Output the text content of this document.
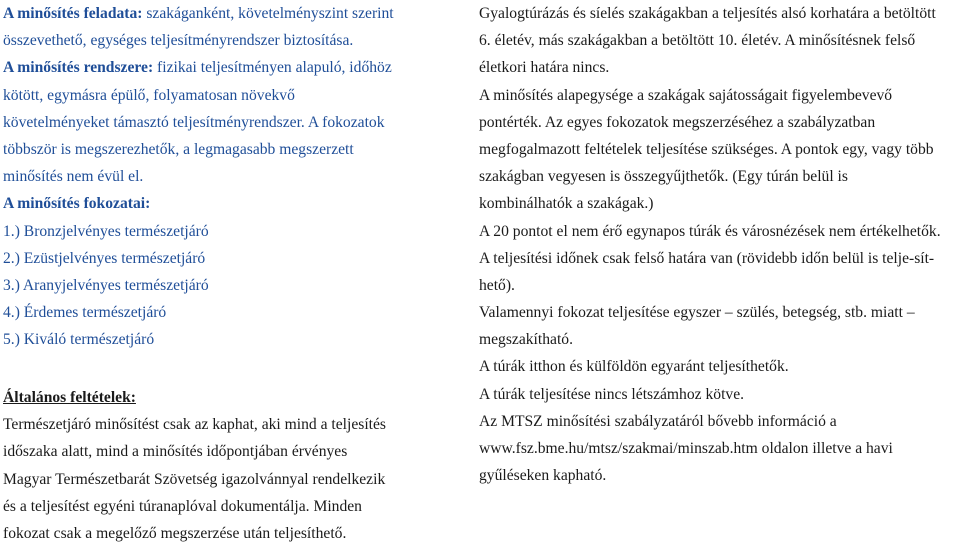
A minősítés feladata: szakáganként, követelményszint szerint
összevethető, egységes teljesítményrendszer biztosítása.
A minősítés rendszere: fizikai teljesítményen alapuló, időhöz
kötött, egymásra épülő, folyamatosan növekvő
követelményeket támasztó teljesítményrendszer. A fokozatok
többször is megszerezhetők, a legmagasabb megszerzett
minősítés nem évül el.
A minősítés fokozatai:
1.) Bronzjelvényes természetjáró
2.) Ezüstjelvényes természetjáró
3.) Aranyjelvényes természetjáró
4.) Érdemes természetjáró
5.) Kiváló természetjáró
Általános feltételek:
Természetjáró minősítést csak az kaphat, aki mind a teljesítés
időszaka alatt, mind a minősítés időpontjában érvényes
Magyar Természetbarát Szövetség igazolvánnyal rendelkezik
és a teljesítést egyéni túranaplóval dokumentálja. Minden
fokozat csak a megelőző megszerzése után teljesíthető.
Gyalogtúrázás és síelés szakágakban a teljesítés alsó korhatára a betöltött
6. életév, más szakágakban a betöltött 10. életév. A minősítésnek felső
életkori határa nincs.
A minősítés alapegysége a szakágak sajátosságait figyelembevevő
pontérték. Az egyes fokozatok megszerzéséhez a szabályzatban
megfogalmazott feltételek teljesítése szükséges. A pontok egy, vagy több
szakágban vegyesen is összegyűjthetők. (Egy túrán belül is
kombinálhatók a szakágak.)
A 20 pontot el nem érő egynapos túrák és városnézések nem értékelhetők.
A teljesítési időnek csak felső határa van (rövidebb időn belül is telje-sít-
hető).
Valamennyi fokozat teljesítése egyszer – szülés, betegség, stb. miatt –
megszakítható.
A túrák itthon és külföldön egyaránt teljesíthetők.
A túrák teljesítése nincs létszámhoz kötve.
Az MTSZ minősítési szabályzatáról bővebb információ a
www.fsz.bme.hu/mtsz/szakmai/minszab.htm oldalon illetve a havi
gyűléseken kapható.
